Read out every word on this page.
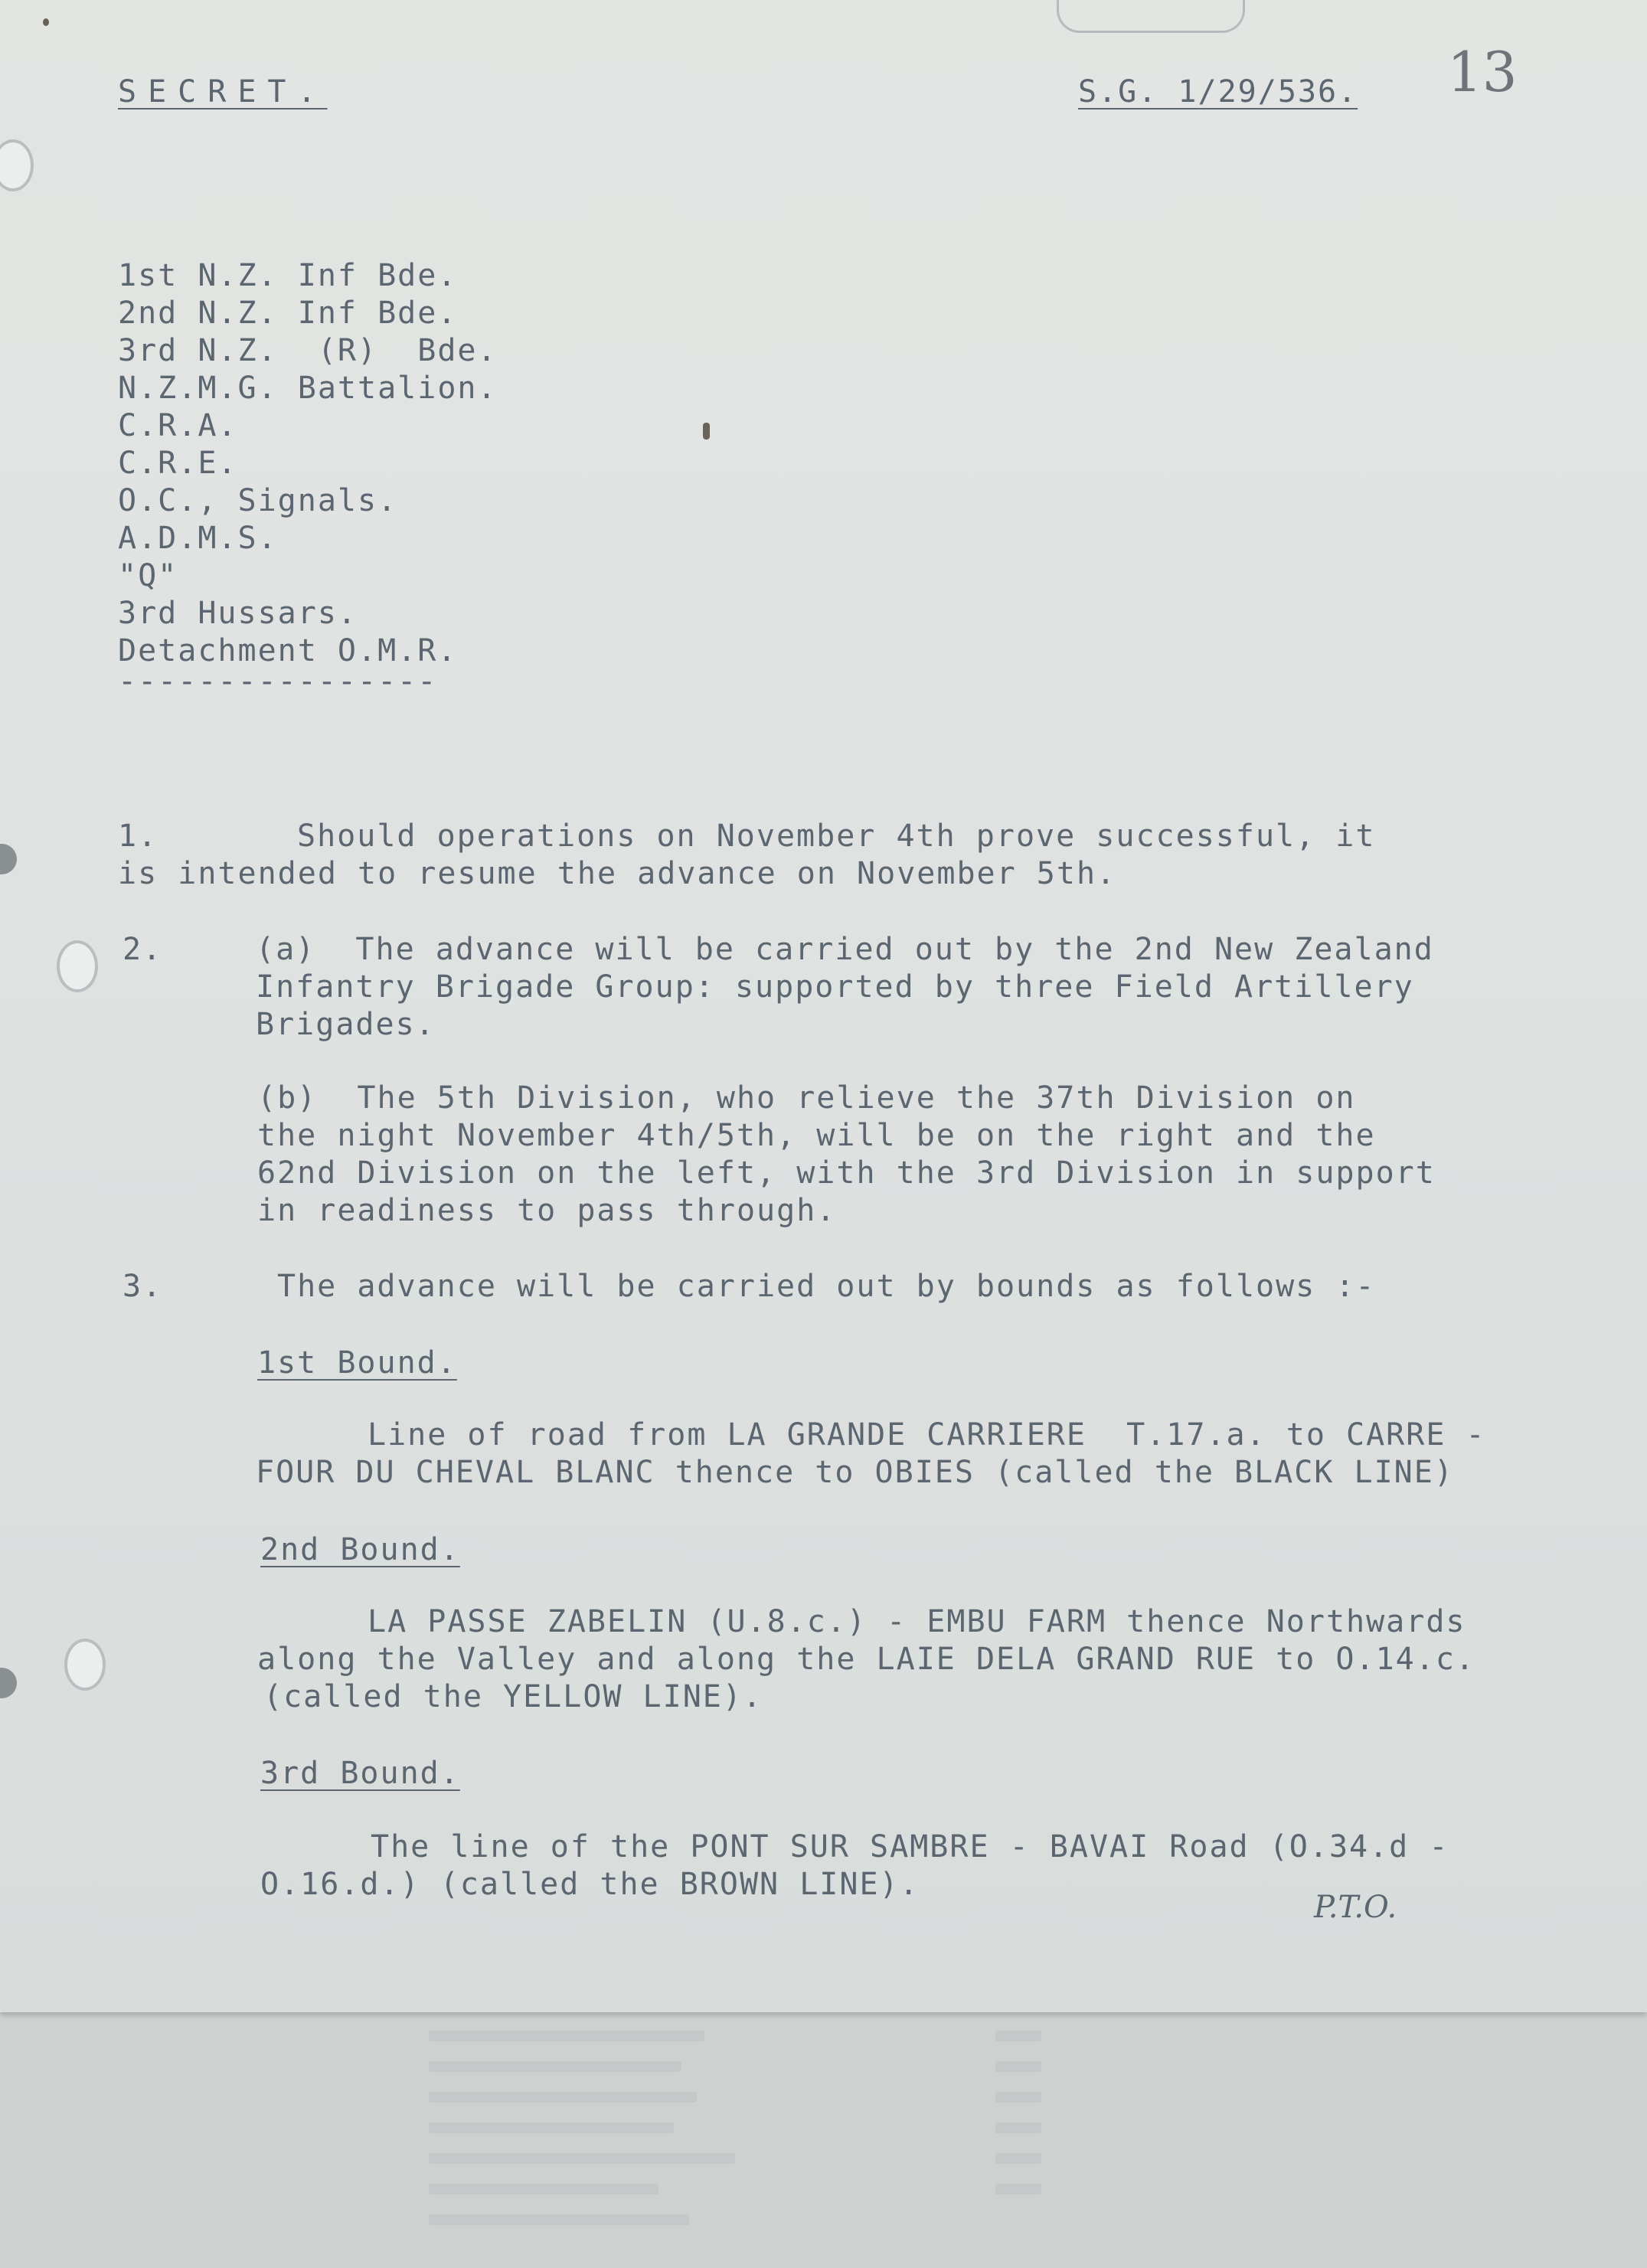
SECRET.	S.G. 1/29/536. 13
1st N.Z. Inf Bde.
2nd N.Z. Inf Bde.
3rd N.Z.  (R)  Bde.
N.Z.M.G. Battalion.
C.R.A.
C.R.E.
O.C., Signals.
A.D.M.S.
"Q"
3rd Hussars.
Detachment O.M.R.
----------------
1.	Should operations on November 4th prove successful, it
is intended to resume the advance on November 5th.
2.	(a)  The advance will be carried out by the 2nd New Zealand
Infantry Brigade Group: supported by three Field Artillery
Brigades.
(b)  The 5th Division, who relieve the 37th Division on
the night November 4th/5th, will be on the right and the
62nd Division on the left, with the 3rd Division in support
in readiness to pass through.
3.	The advance will be carried out by bounds as follows :-
1st Bound.
Line of road from LA GRANDE CARRIERE  T.17.a. to CARRE -
FOUR DU CHEVAL BLANC thence to OBIES (called the BLACK LINE)
2nd Bound.
LA PASSE ZABELIN (U.8.c.) - EMBU FARM thence Northwards
along the Valley and along the LAIE DELA GRAND RUE to O.14.c.
(called the YELLOW LINE).
3rd Bound.
The line of the PONT SUR SAMBRE - BAVAI Road (O.34.d -
O.16.d.) (called the BROWN LINE).
P.T.O.
